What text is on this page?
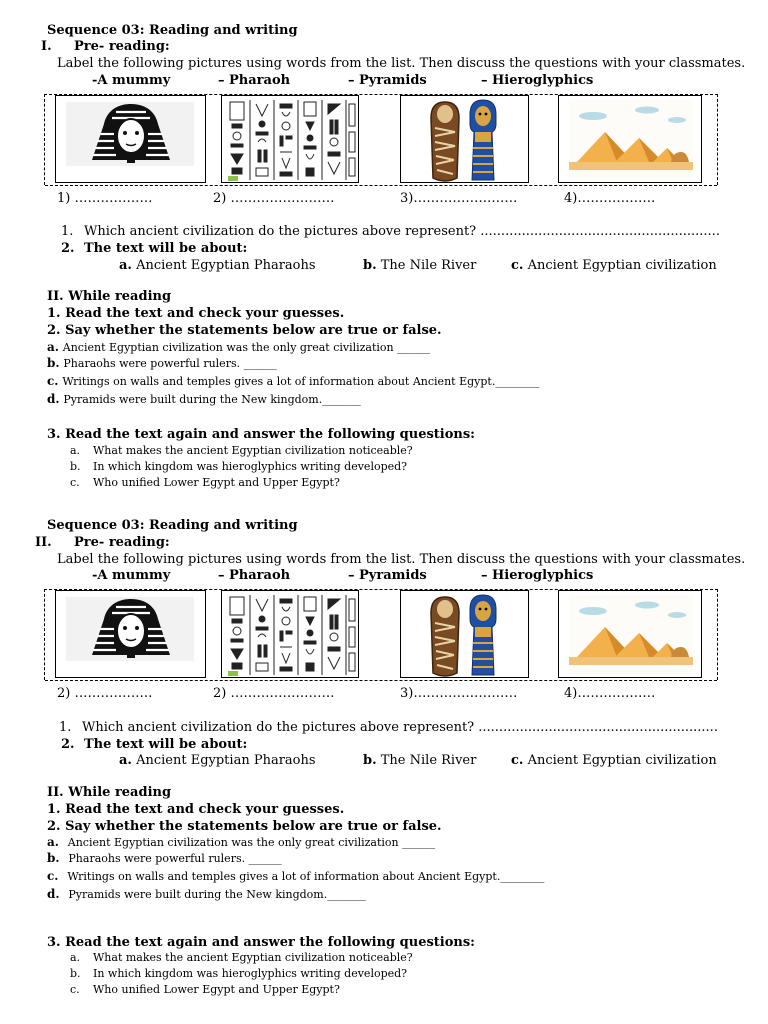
Sequence 03: Reading and writing
I. Pre- reading:
Label the following pictures using words from the list. Then discuss the questions with your classmates.
-A mummy	– Pharaoh	– Pyramids	– Hieroglyphics
1) ………………	2) ……………………	3)……………………	4)………………
1. Which ancient civilization do the pictures above represent? ..........................................................
2. The text will be about:
a. Ancient Egyptian Pharaohs	b. The Nile River	c. Ancient Egyptian civilization
II. While reading
1. Read the text and check your guesses.
2. Say whether the statements below are true or false.
a. Ancient Egyptian civilization was the only great civilization ______
b. Pharaohs were powerful rulers. ______
c. Writings on walls and temples gives a lot of information about Ancient Egypt.________
d. Pyramids were built during the New kingdom._______
3. Read the text again and answer the following questions:
a. What makes the ancient Egyptian civilization noticeable?
b. In which kingdom was hieroglyphics writing developed?
c. Who unified Lower Egypt and Upper Egypt?
Sequence 03: Reading and writing
II. Pre- reading:
Label the following pictures using words from the list. Then discuss the questions with your classmates.
-A mummy	– Pharaoh	– Pyramids	– Hieroglyphics
2) ………………	2) ……………………	3)……………………	4)………………
1. Which ancient civilization do the pictures above represent? ..........................................................
2. The text will be about:
a. Ancient Egyptian Pharaohs	b. The Nile River	c. Ancient Egyptian civilization
II. While reading
1. Read the text and check your guesses.
2. Say whether the statements below are true or false.
a. Ancient Egyptian civilization was the only great civilization ______
b. Pharaohs were powerful rulers. ______
c. Writings on walls and temples gives a lot of information about Ancient Egypt.________
d. Pyramids were built during the New kingdom._______
3. Read the text again and answer the following questions:
a. What makes the ancient Egyptian civilization noticeable?
b. In which kingdom was hieroglyphics writing developed?
c. Who unified Lower Egypt and Upper Egypt?
